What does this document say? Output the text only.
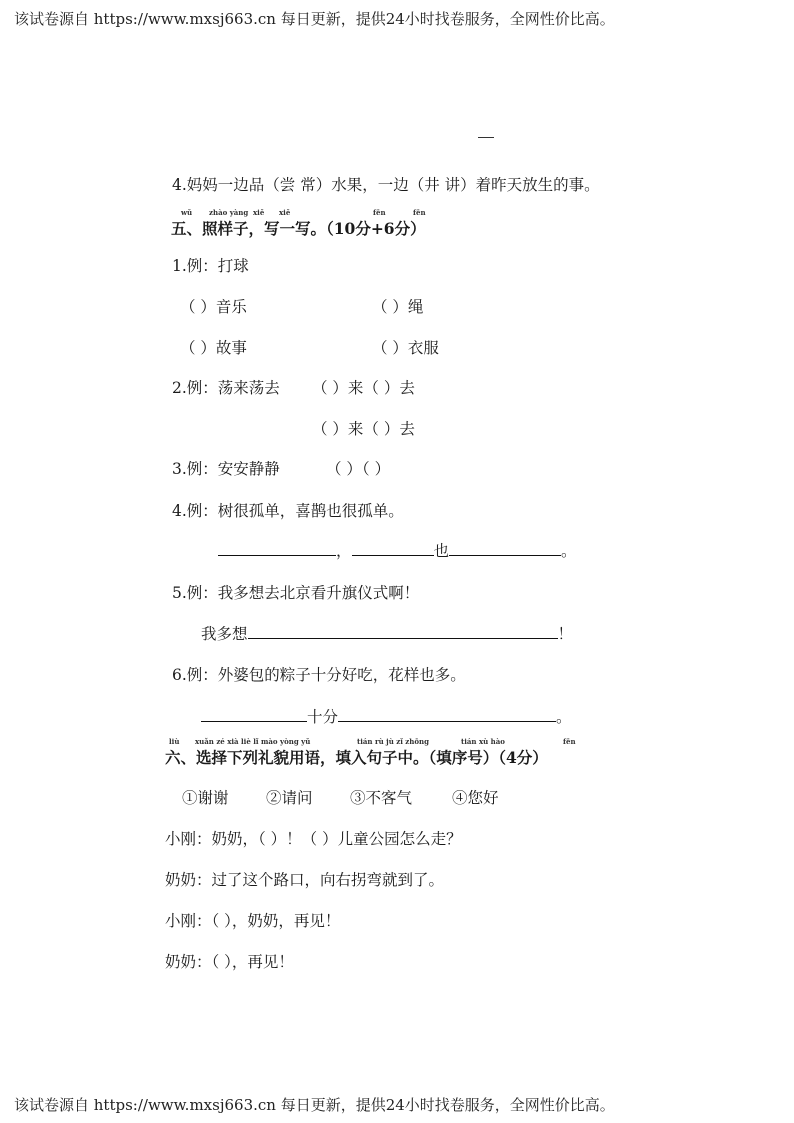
该试卷源自 https://www.mxsj663.cn 每日更新，提供24小时找卷服务，全网性价比高。
4.妈妈一边品（尝 常）水果，一边（井 讲）着昨天放生的事。
wǔ zhào yàng xiě xiě	fēn	fēn
五、照样子，写一写。（10分+6分）
1.例：打球
（ ）音乐	（ ）绳
（ ）故事	（ ）衣服
2.例：荡来荡去 （ ）来（ ）去
（ ）来（ ）去
3.例：安安静静	（ ）（ ）
4.例：树很孤单，喜鹊也很孤单。
，	也	。
5.例：我多想去北京看升旗仪式啊！
我多想	！
6.例：外婆包的粽子十分好吃，花样也多。
十分	。
liù xuǎn zé xià liè lǐ mào yòng yǔ	tián rù jù zǐ zhōng	tián xù hào	fēn
六、选择下列礼貌用语，填入句子中。（填序号）（4分）
①谢谢 ②请问 ③不客气	④您好
小刚：奶奶，（ ）！（ ）儿童公园怎么走？
奶奶：过了这个路口，向右拐弯就到了。
小刚：（ ），奶奶，再见！
奶奶：（ ），再见！
该试卷源自 https://www.mxsj663.cn 每日更新，提供24小时找卷服务，全网性价比高。
